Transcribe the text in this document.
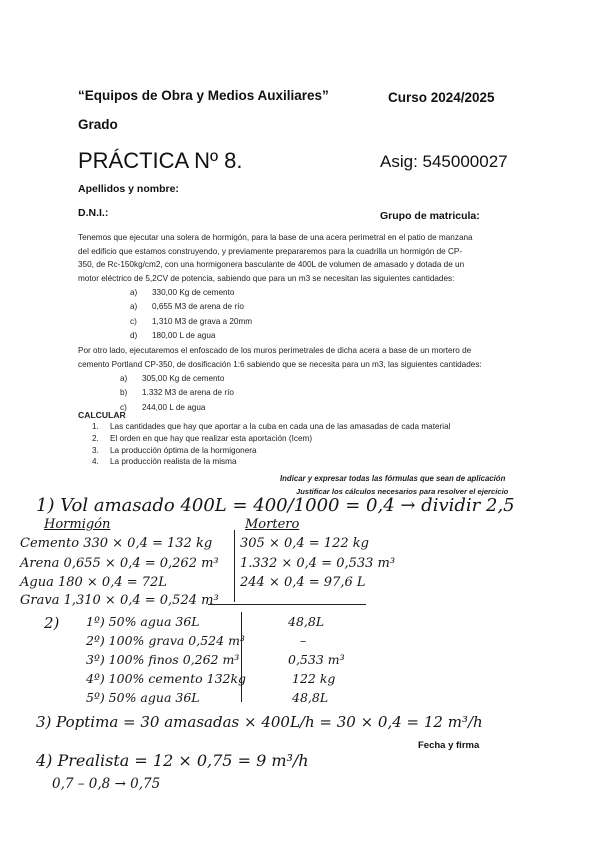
“Equipos de Obra y Medios Auxiliares”	Curso 2024/2025
Grado
PRÁCTICA Nº 8.	Asig: 545000027
Apellidos y nombre:
D.N.I.:	Grupo de matricula:
Tenemos que ejecutar una solera de hormigón, para la base de una acera perimetral en el patio de manzana
del edificio que estamos construyendo, y previamente prepararemos para la cuadrilla un hormigón de CP-
350, de Rc-150kg/cm2, con una hormigonera basculante de 400L de volumen de amasado y dotada de un
motor eléctrico de 5,2CV de potencia, sabiendo que para un m3 se necesitan las siguientes cantidades:
a) 330,00 Kg de cemento
a) 0,655 M3 de arena de río
c) 1,310 M3 de grava a 20mm
d) 180,00 L de agua
Por otro lado, ejecutaremos el enfoscado de los muros perimetrales de dicha acera a base de un mortero de
cemento Portland CP-350, de dosificación 1:6 sabiendo que se necesita para un m3, las siguientes cantidades:
a) 305,00 Kg de cemento
b) 1.332 M3 de arena de río
c) 244,00 L de agua
CALCULAR
1. Las cantidades que hay que aportar a la cuba en cada una de las amasadas de cada material
2. El orden en que hay que realizar esta aportación (Icem)
3. La producción óptima de la hormigonera
4. La producción realista de la misma
Indicar y expresar todas las fórmulas que sean de aplicación
Justificar los cálculos necesarios para resolver el ejercicio
1) Vol amasado 400L = 400/1000 = 0,4 → dividir 2,5
Hormigón	Mortero
Cemento 330 × 0,4 = 132 kg 305 × 0,4 = 122 kg
Arena 0,655 × 0,4 = 0,262 m³ 1.332 × 0,4 = 0,533 m³
Agua 180 × 0,4 = 72L	244 × 0,4 = 97,6 L
Grava 1,310 × 0,4 = 0,524 m³
2) 1º) 50% agua 36L	48,8L
2º) 100% grava 0,524 m³	–
3º) 100% finos 0,262 m³	0,533 m³
4º) 100% cemento 132kg	122 kg
5º) 50% agua 36L	48,8L
3) Poptima = 30 amasadas × 400L/h = 30 × 0,4 = 12 m³/h
Fecha y firma
4) Prealista = 12 × 0,75 = 9 m³/h
0,7 – 0,8 → 0,75
